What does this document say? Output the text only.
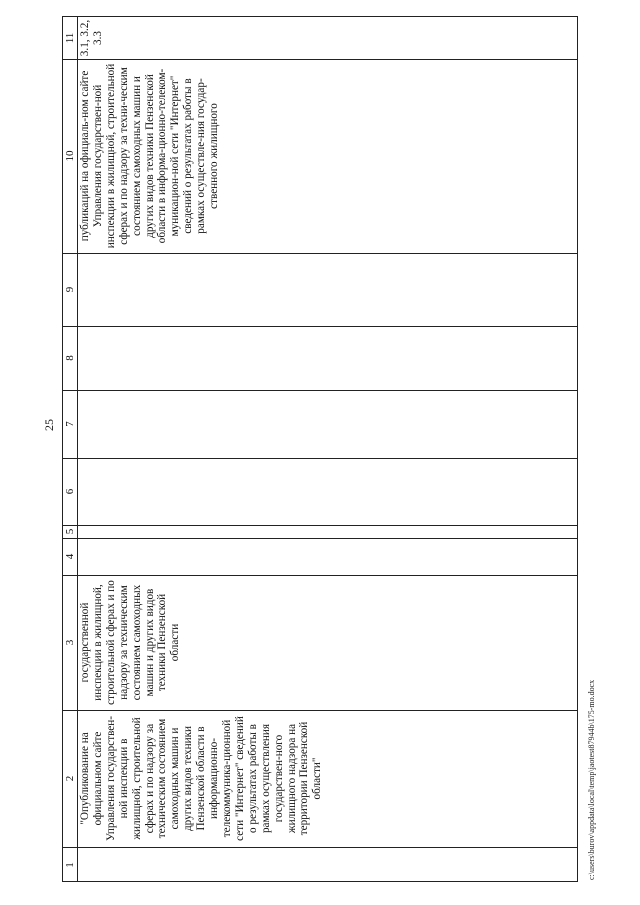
25
c:\users\burov\appdata\local\temp\jaotest87944b\175-mo.docx
11 3.1, 3.2, 3.3
10 публикаций на официаль-ном сайте Управления государствен-ной инспекции в жилищной, строительной сферах и по надзору за техни-ческим состоянием самоходных машин и других видов техники Пензенской области в информа-ционно-телеком-муникацион-ной сети "Интернет" сведений о результатах работы в рамках осуществле-ния государ-ственного жилищного
9
8
7
6
5
4
3 государственной инспекции в жилищной, строительной сферах и по надзору за техническим состоянием самоходных машин и других видов техники Пензенской области
2 "Опубликование на официальном сайте Управления государствен-ной инспекции в жилищной, строительной сферах и по надзору за техническим состоянием самоходных машин и других видов техники Пензенской области в информационно-телекоммуника-ционной сети "Интернет" сведений о результатах работы в рамках осуществления государствен-ного жилищного надзора на территории Пензенской области"
1
